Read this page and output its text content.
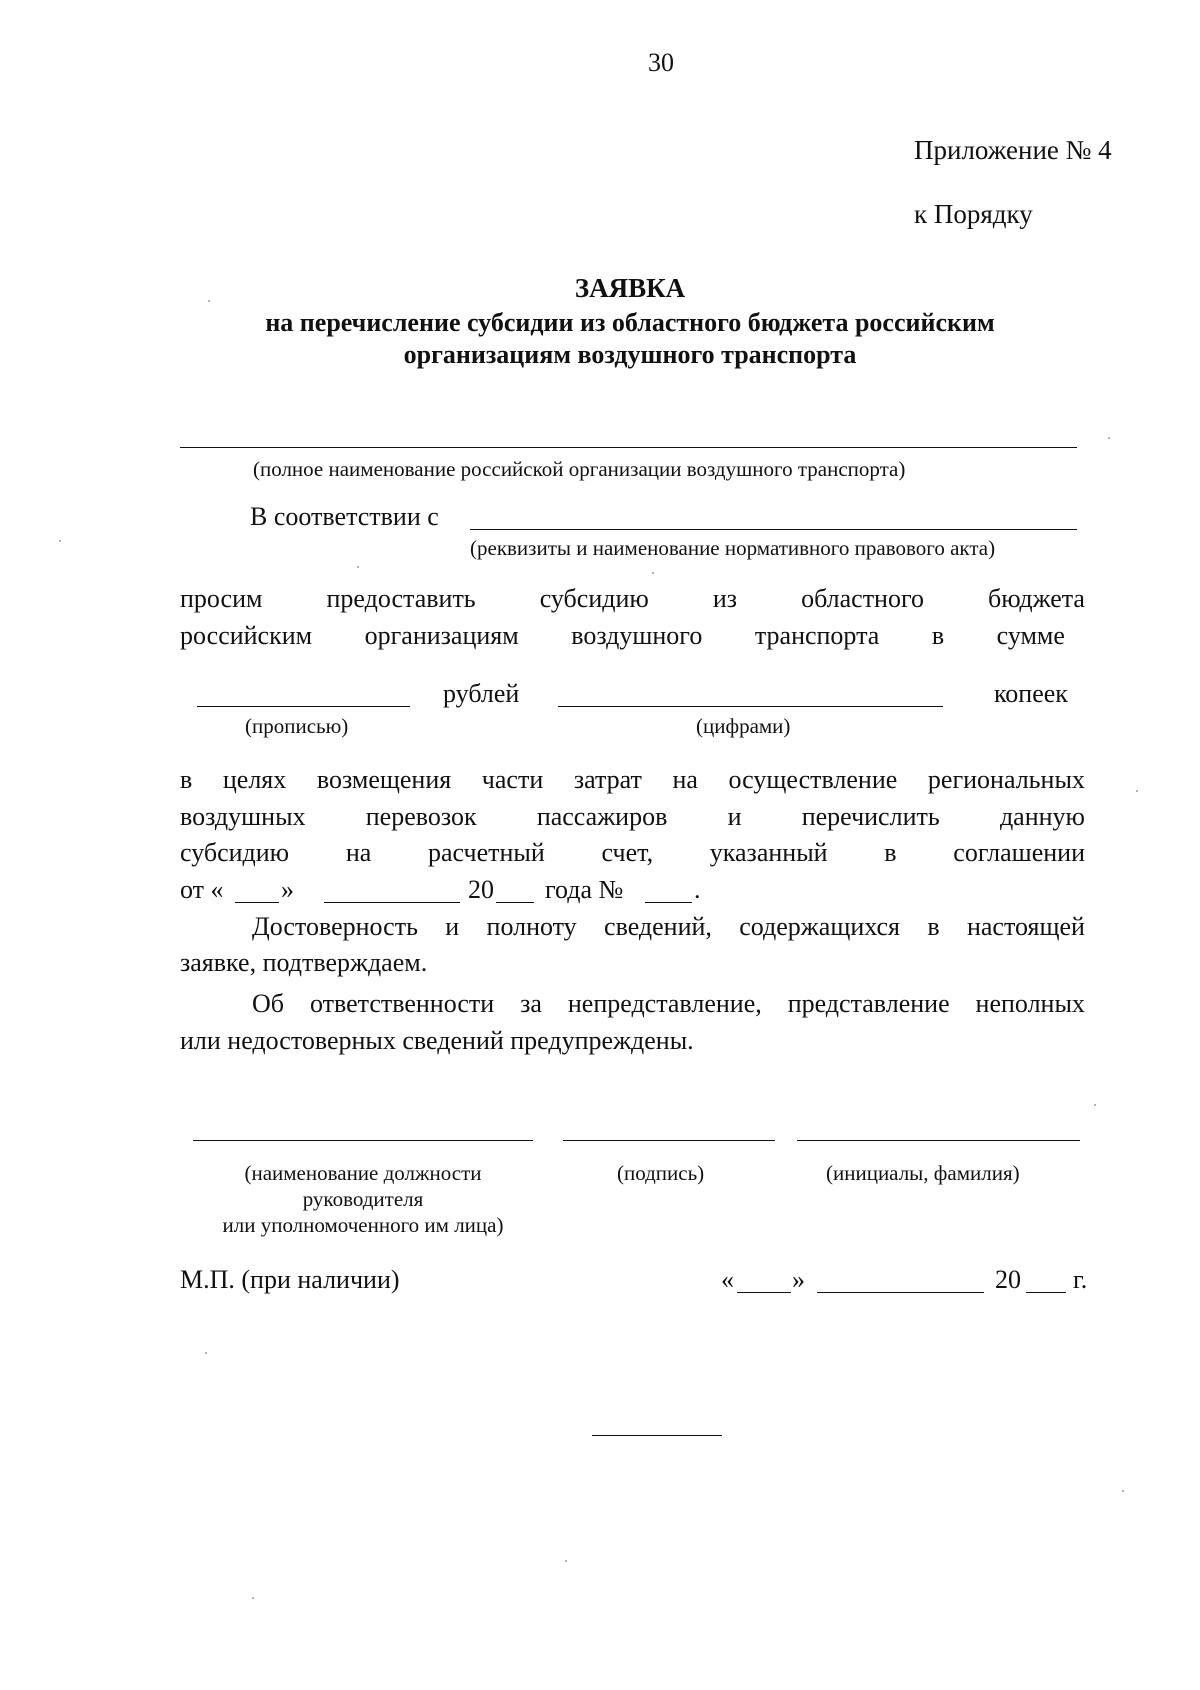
30
Приложение № 4
к Порядку
ЗАЯВКА
на перечисление субсидии из областного бюджета российским
организациям воздушного транспорта
(полное наименование российской организации воздушного транспорта)
В соответствии с
(реквизиты и наименование нормативного правового акта)
просим предоставить субсидию из областного бюджета
российским организациям воздушного транспорта в сумме
рублей	копеек
(прописью)	(цифрами)
в целях возмещения части затрат на осуществление региональных
воздушных перевозок пассажиров и перечислить данную
субсидию на расчетный счет, указанный в соглашении
от « »	20 года №	.
Достоверность и полноту сведений, содержащихся в настоящей
заявке, подтверждаем.
Об ответственности за непредставление, представление неполных
или недостоверных сведений предупреждены.
(наименование должности
руководителя
или уполномоченного им лица)
(подпись)	(инициалы, фамилия)
М.П. (при наличии)	« »	20 г.
